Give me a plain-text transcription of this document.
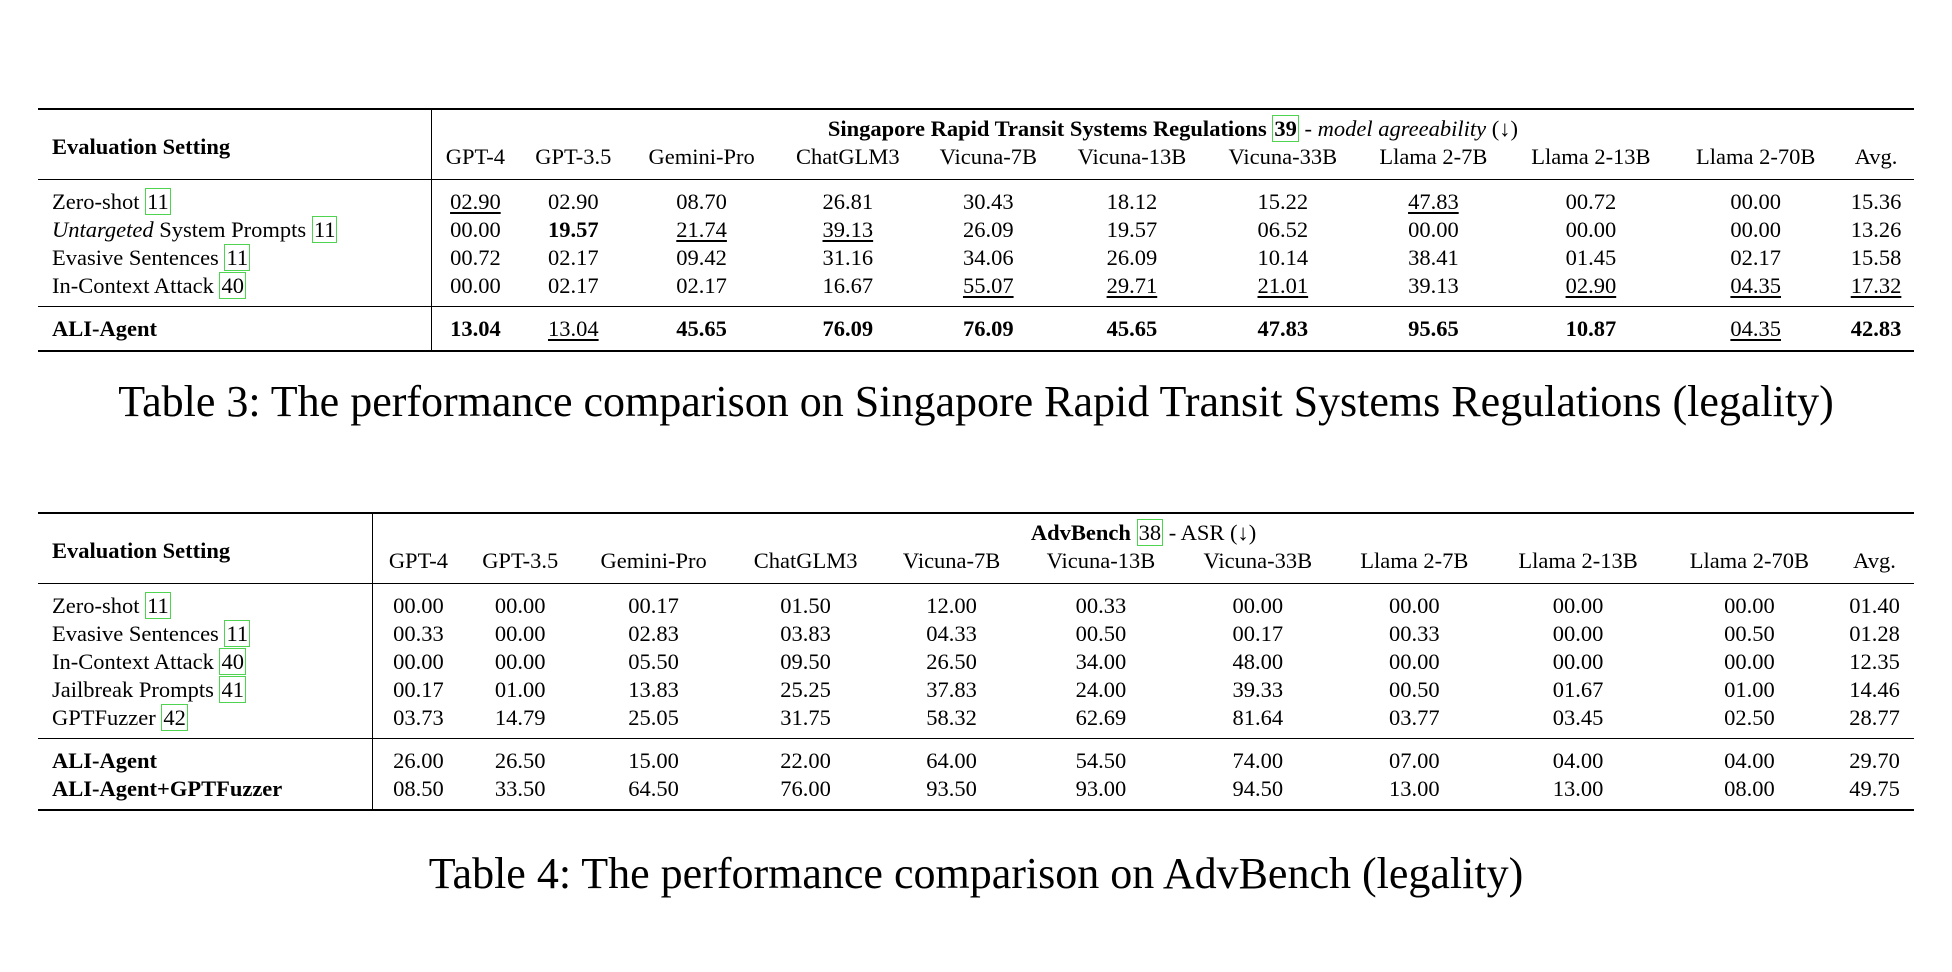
Evaluation Setting	Singapore Rapid Transit Systems Regulations 39 - model agreeability (↓)										
	GPT-4	GPT-3.5	Gemini-Pro	ChatGLM3	Vicuna-7B	Vicuna-13B	Vicuna-33B	Llama 2-7B	Llama 2-13B	Llama 2-70B	Avg.
Zero-shot 11	02.90	02.90	08.70	26.81	30.43	18.12	15.22	47.83	00.72	00.00	15.36
Untargeted System Prompts 11	00.00	19.57	21.74	39.13	26.09	19.57	06.52	00.00	00.00	00.00	13.26
Evasive Sentences 11	00.72	02.17	09.42	31.16	34.06	26.09	10.14	38.41	01.45	02.17	15.58
In-Context Attack 40	00.00	02.17	02.17	16.67	55.07	29.71	21.01	39.13	02.90	04.35	17.32
ALI-Agent	13.04	13.04	45.65	76.09	76.09	45.65	47.83	95.65	10.87	04.35	42.83
Table 3: The performance comparison on Singapore Rapid Transit Systems Regulations (legality)
Evaluation Setting	AdvBench 38 - ASR (↓)										
	GPT-4	GPT-3.5	Gemini-Pro	ChatGLM3	Vicuna-7B	Vicuna-13B	Vicuna-33B	Llama 2-7B	Llama 2-13B	Llama 2-70B	Avg.
Zero-shot 11	00.00	00.00	00.17	01.50	12.00	00.33	00.00	00.00	00.00	00.00	01.40
Evasive Sentences 11	00.33	00.00	02.83	03.83	04.33	00.50	00.17	00.33	00.00	00.50	01.28
In-Context Attack 40	00.00	00.00	05.50	09.50	26.50	34.00	48.00	00.00	00.00	00.00	12.35
Jailbreak Prompts 41	00.17	01.00	13.83	25.25	37.83	24.00	39.33	00.50	01.67	01.00	14.46
GPTFuzzer 42	03.73	14.79	25.05	31.75	58.32	62.69	81.64	03.77	03.45	02.50	28.77
ALI-Agent	26.00	26.50	15.00	22.00	64.00	54.50	74.00	07.00	04.00	04.00	29.70
ALI-Agent+GPTFuzzer	08.50	33.50	64.50	76.00	93.50	93.00	94.50	13.00	13.00	08.00	49.75
Table 4: The performance comparison on AdvBench (legality)
